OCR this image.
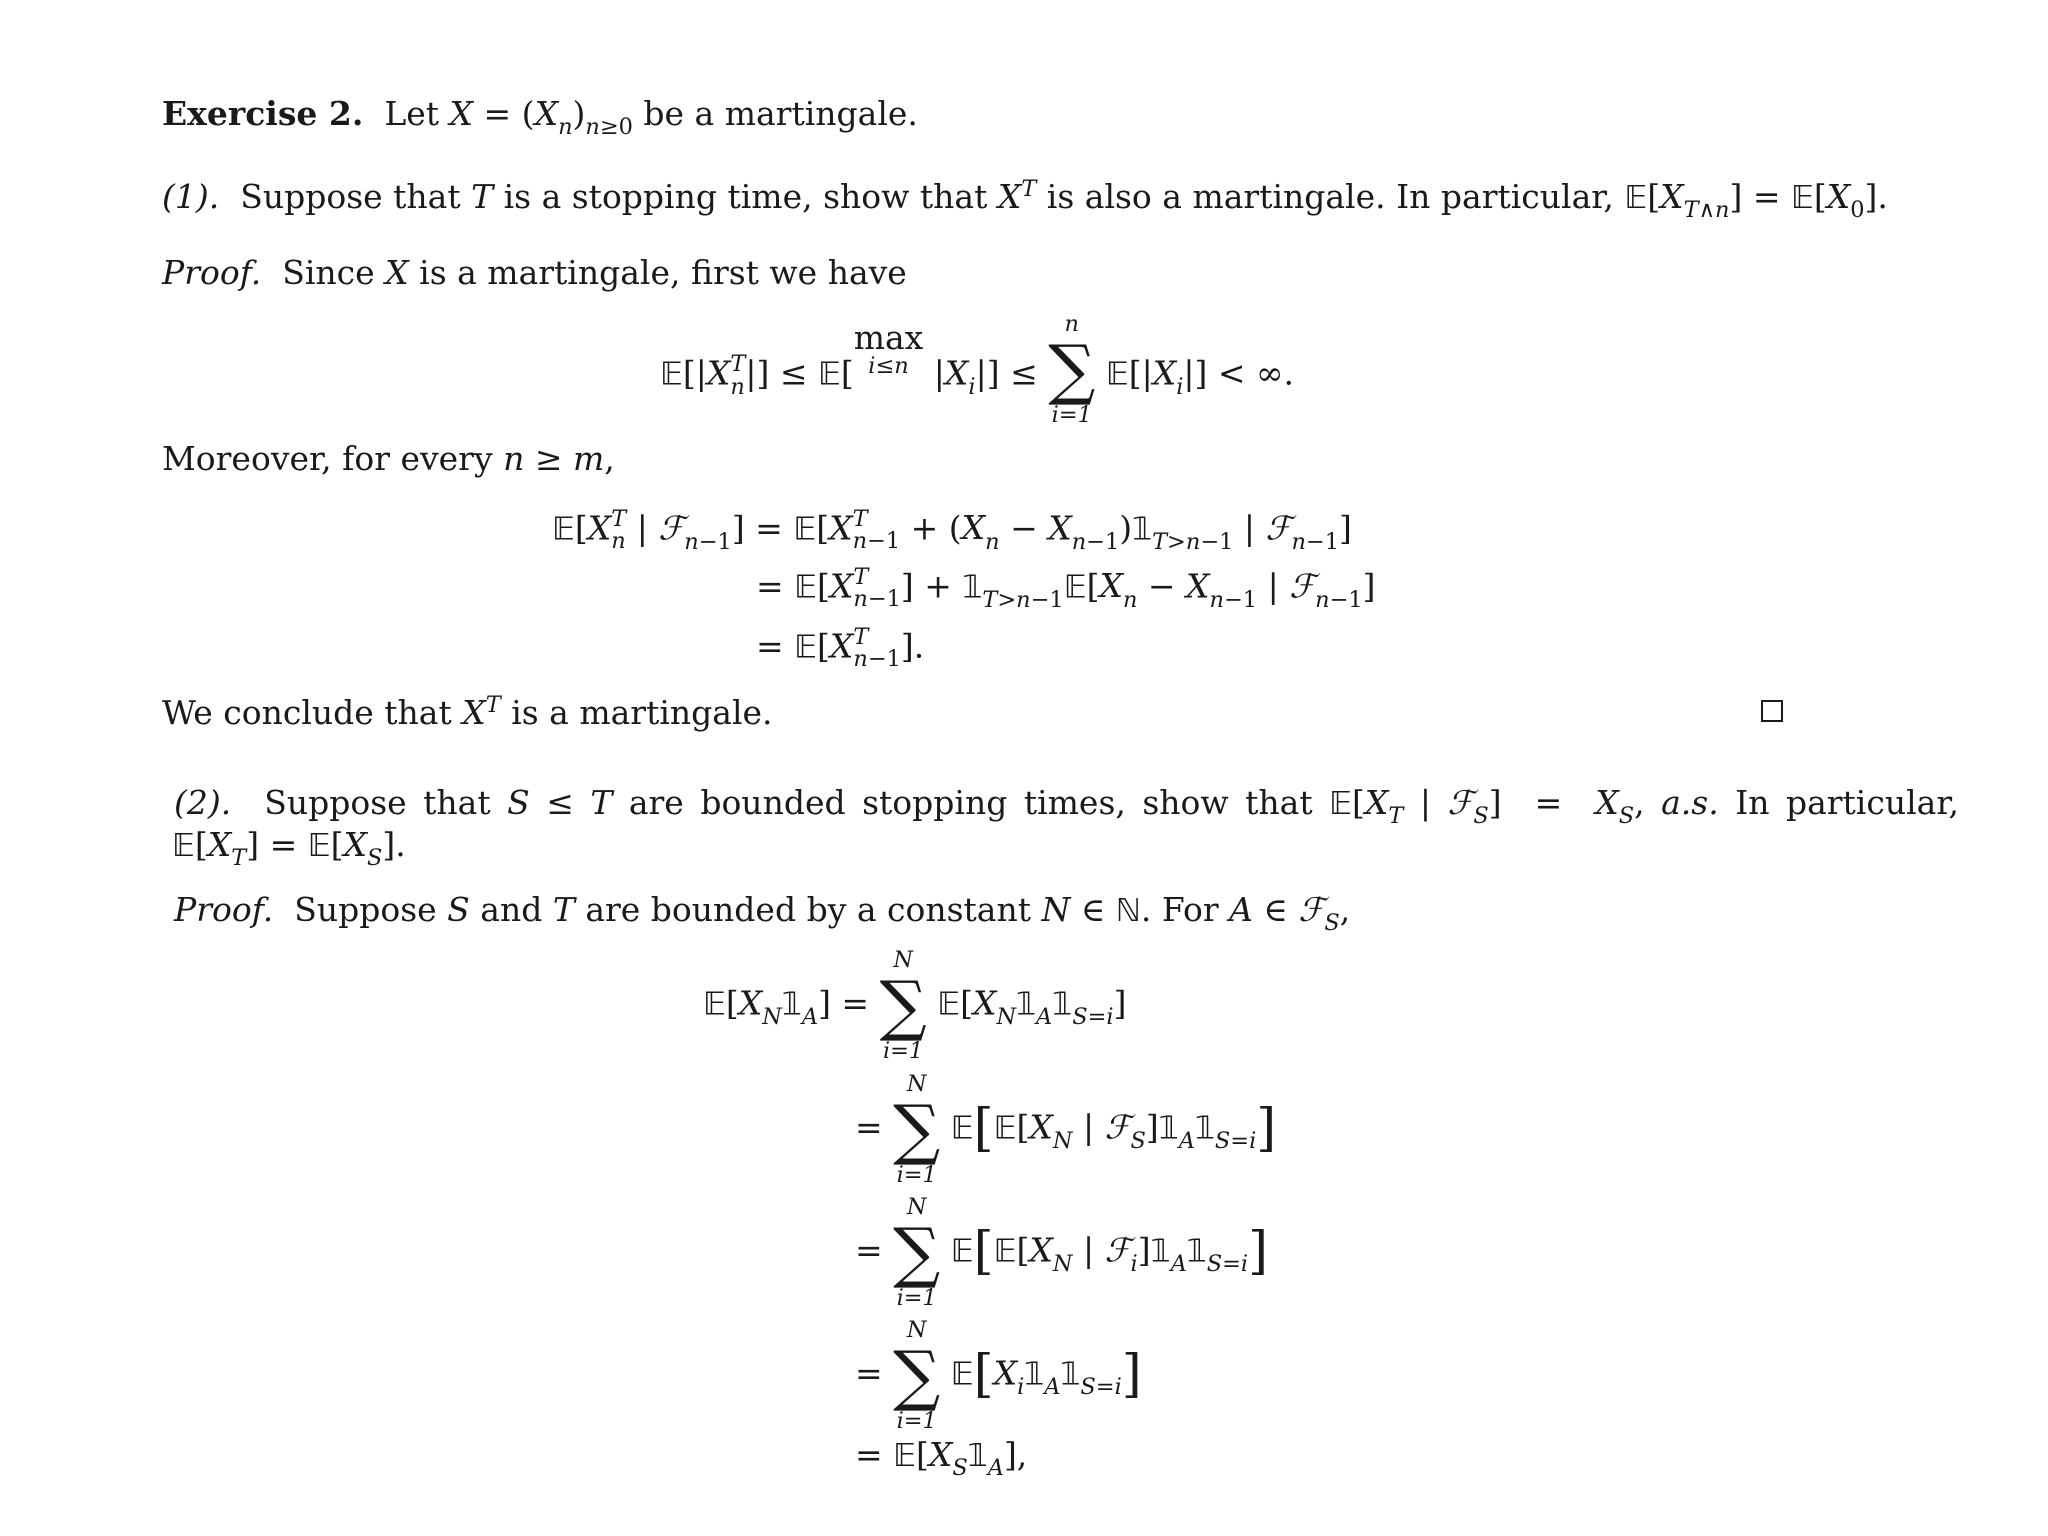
Exercise 2.  Let $X = (X_n)_{n\ge 0}$ be a martingale.
(1).  Suppose that T is a stopping time, show that $X^T$ is also a martingale. In particular, $𝔼[X_{T\wedge n}]$ = $𝔼[X_0]$.
Proof.  Since X is a martingale, first we have
𝔼[|X T
n |] ≤ 𝔼[max
i≤n $|X_i|$] ≤
n
∑
i=1
$𝔼[|X_i|]$ < ∞.
Moreover, for every n ≥ m,
𝔼[X T
n | ℱ$_{n-1}$] = 𝔼[X T
$n-1 + (X_n$ − $X_{n-1})𝟙_{T>n-1}$ | ℱ$_{n-1}$]
= 𝔼[X T
n−1 ] + $𝟙_{T>n-1}𝔼[X_n - X_{n-1}$ | ℱ$_{n-1}$]
= 𝔼[X T
n−1 ].
We conclude that $X^T$ is a martingale.
(2).  Suppose that S ≤ T are bounded stopping times, show that $𝔼[X_T$ | ℱ$_S$]  =  $X_S$, a.s. In particular,
$𝔼[X_T]$ = $𝔼[X_S]$.
Proof.  Suppose S and T are bounded by a constant N ∈ ℕ. For A ∈ ℱ$_S$,
$𝔼[X_N𝟙_A]$ =
N
∑
i=1
$𝔼[X_N𝟙_A𝟙_{S=i}]$
=
N
∑
i=1
$𝔼[𝔼[X_N$ | $ℱ_S]𝟙_A𝟙_{S=i}$]
=
N
∑
i=1
$𝔼[𝔼[X_N$ | $ℱ_i]𝟙_A𝟙_{S=i}$]
=
N
∑
i=1
$𝔼[X_i𝟙_A𝟙_{S=i}]$
= $𝔼[X_S𝟙_A]$,
